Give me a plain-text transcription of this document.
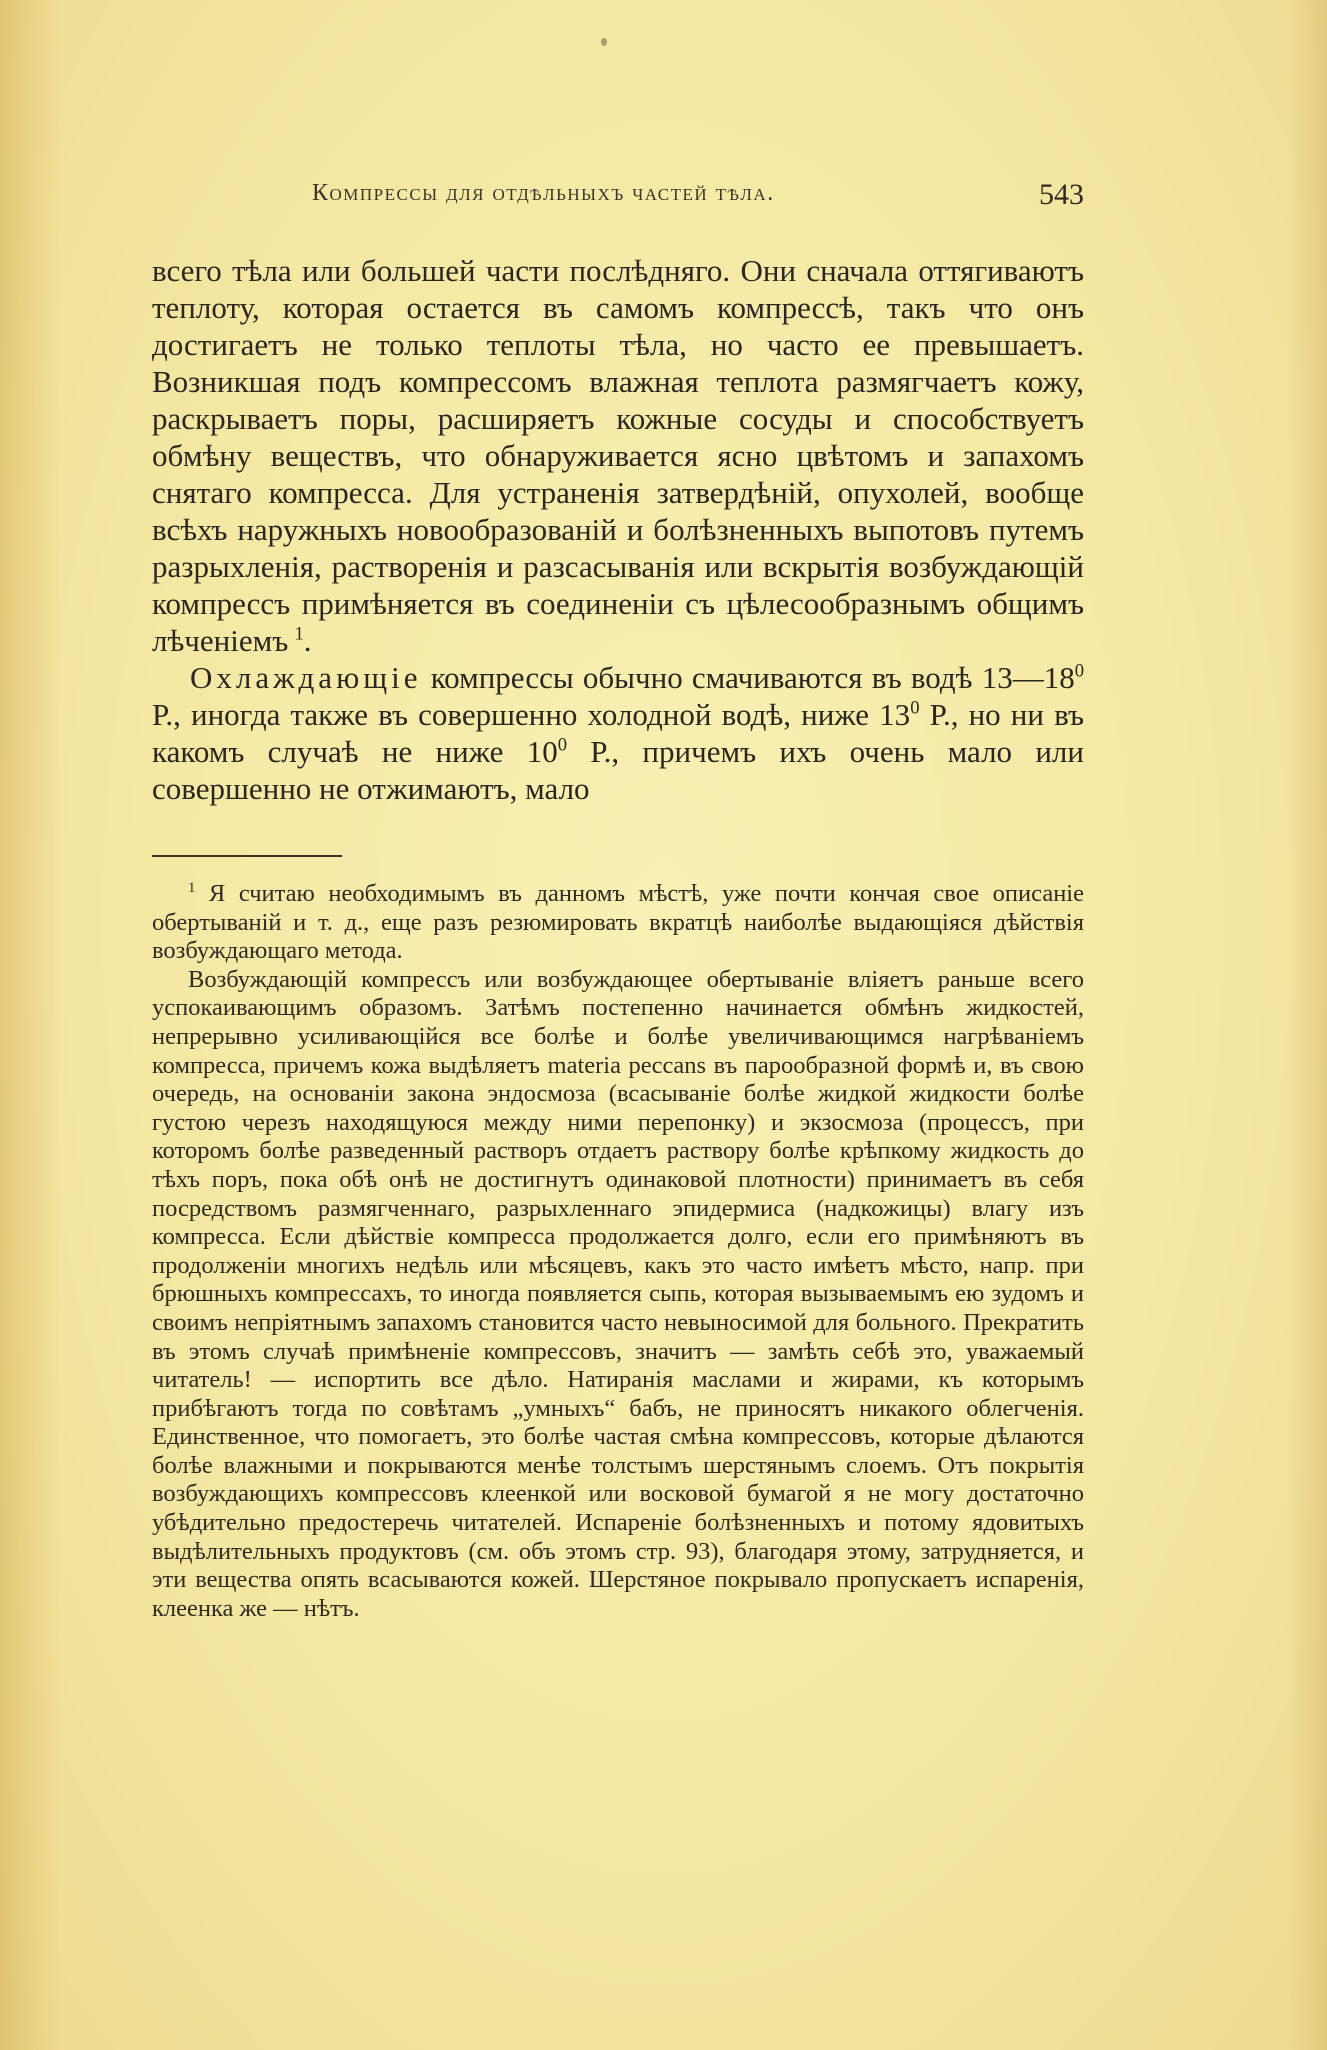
Компрессы для отдѣльныхъ частей тѣла.	543

всего тѣла или большей части послѣдняго. Они сначала оттягиваютъ теплоту, которая остается въ самомъ компрессѣ, такъ что онъ достигаетъ не только теплоты тѣла, но часто ее превышаетъ. Возникшая подъ компрессомъ влажная теплота размягчаетъ кожу, раскрываетъ поры, расширяетъ кожные сосуды и способствуетъ обмѣну веществъ, что обнаруживается ясно цвѣтомъ и запахомъ снятаго компресса. Для устраненія затвердѣній, опухолей, вообще всѣхъ наружныхъ новообразованій и болѣзненныхъ выпотовъ путемъ разрыхленія, растворенія и разсасыванія или вскрытія возбуждающій компрессъ примѣняется въ соединеніи съ цѣлесообразнымъ общимъ лѣченіемъ  $^1$.

Охлаждающіе компрессы обычно смачиваются въ водѣ $13—18^0$ Р., иногда также въ совершенно холодной водѣ, ниже $13^0$ Р., но ни въ какомъ случаѣ не ниже $10^0$ Р., причемъ ихъ очень мало или совершенно не отжимаютъ, мало

$^1$ Я считаю необходимымъ въ данномъ мѣстѣ, уже почти кончая свое описаніе обертываній и т. д., еще разъ резюмировать вкратцѣ наиболѣе выдающіяся дѣйствія возбуждающаго метода.

Возбуждающій компрессъ или возбуждающее обертываніе вліяетъ раньше всего успокаивающимъ образомъ. Затѣмъ постепенно начинается обмѣнъ жидкостей, непрерывно усиливающійся все болѣе и болѣе увеличивающимся нагрѣваніемъ компресса, причемъ кожа выдѣляетъ materia peccans въ парообразной формѣ и, въ свою очередь, на основаніи закона эндосмоза (всасываніе болѣе жидкой жидкости болѣе густою черезъ находящуюся между ними перепонку) и экзосмоза (процессъ, при которомъ болѣе разведенный растворъ отдаетъ раствору болѣе крѣпкому жидкость до тѣхъ поръ, пока обѣ онѣ не достигнутъ одинаковой плотности) принимаетъ въ себя посредствомъ размягченнаго, разрыхленнаго эпидермиса (надкожицы) влагу изъ компресса. Если дѣйствіе компресса продолжается долго, если его примѣняютъ въ продолженіи многихъ недѣль или мѣсяцевъ, какъ это часто имѣетъ мѣсто, напр. при брюшныхъ компрессахъ, то иногда появляется сыпь, которая вызываемымъ ею зудомъ и своимъ непріятнымъ запахомъ становится часто невыносимой для больного. Прекратить въ этомъ случаѣ примѣненіе компрессовъ, значитъ — замѣть себѣ это, уважаемый читатель! — испортить все дѣло. Натиранія маслами и жирами, къ которымъ прибѣгаютъ тогда по совѣтамъ „умныхъ“ бабъ, не приносятъ никакого облегченія. Единственное, что помогаетъ, это болѣе частая смѣна компрессовъ, которые дѣлаются болѣе влажными и покрываются менѣе толстымъ шерстянымъ слоемъ. Отъ покрытія возбуждающихъ компрессовъ клеенкой или восковой бумагой я не могу достаточно убѣдительно предостеречь читателей. Испареніе болѣзненныхъ и потому ядовитыхъ выдѣлительныхъ продуктовъ (см. объ этомъ стр. 93), благодаря этому, затрудняется, и эти вещества опять всасываются кожей. Шерстяное покрывало пропускаетъ испаренія, клеенка же — нѣтъ.
